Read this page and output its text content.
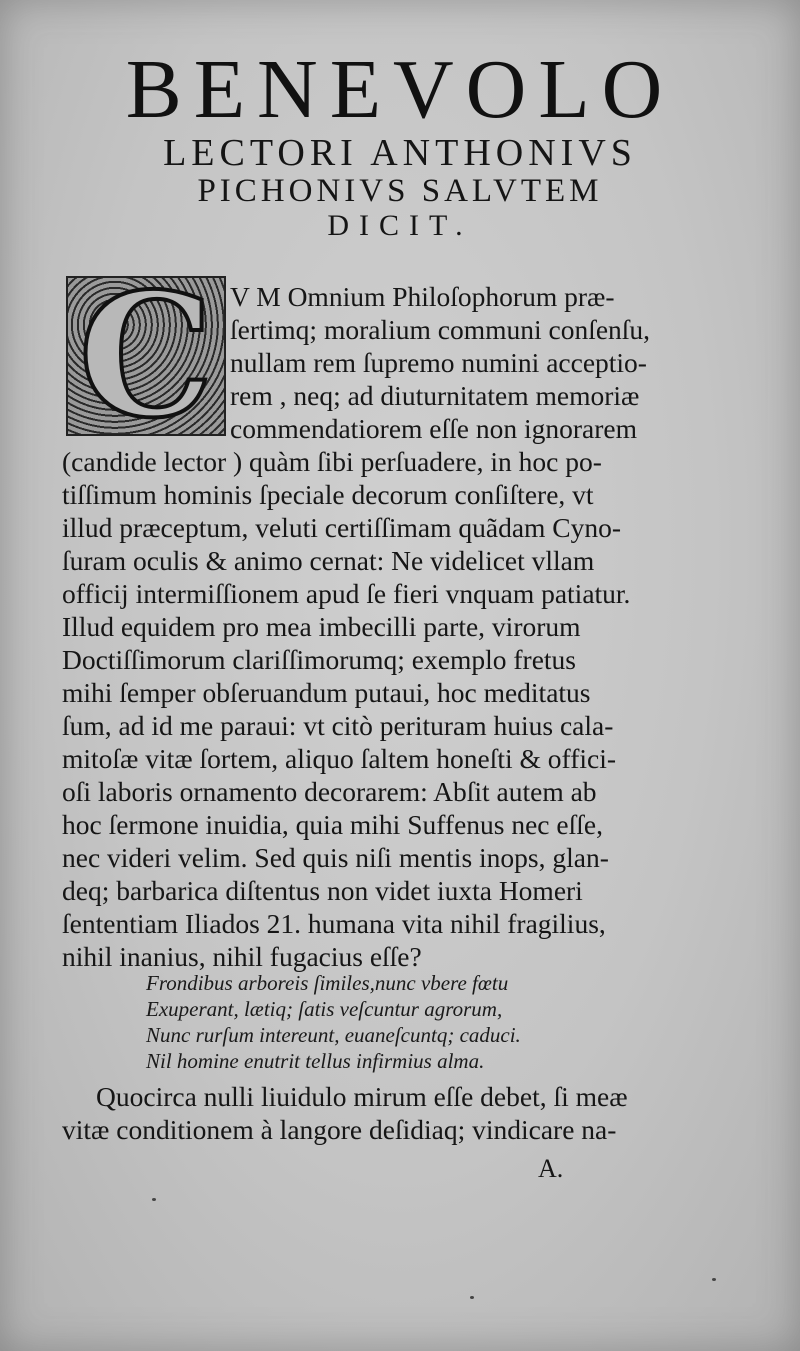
BENEVOLO
LECTORI ANTHONIVS
PICHONIVS SALVTEM
DICIT.
C V M Omnium Philoſophorum præ-
ſertimq; moralium communi conſenſu,
nullam rem ſupremo numini acceptio-
rem , neq; ad diuturnitatem memoriæ
commendatiorem eſſe non ignorarem
(candide lector ) quàm ſibi perſuadere, in hoc po-
tiſſimum hominis ſpeciale decorum conſiſtere, vt
illud præceptum, veluti certiſſimam quãdam Cyno-
ſuram oculis & animo cernat: Ne videlicet vllam
officij intermiſſionem apud ſe fieri vnquam patiatur.
Illud equidem pro mea imbecilli parte, virorum
Doctiſſimorum clariſſimorumq; exemplo fretus
mihi ſemper obſeruandum putaui, hoc meditatus
ſum, ad id me paraui: vt citò perituram huius cala-
mitoſæ vitæ ſortem, aliquo ſaltem honeſti & offici-
oſi laboris ornamento decorarem: Abſit autem ab
hoc ſermone inuidia, quia mihi Suffenus nec eſſe,
nec videri velim. Sed quis niſi mentis inops, glan-
deq; barbarica diſtentus non videt iuxta Homeri
ſententiam Iliados 21. humana vita nihil fragilius,
nihil inanius, nihil fugacius eſſe?
Frondibus arboreis ſimiles,nunc vbere fœtu
Exuperant, lætiq; ſatis veſcuntur agrorum,
Nunc rurſum intereunt, euaneſcuntq; caduci.
Nil homine enutrit tellus infirmius alma.
Quocirca nulli liuidulo mirum eſſe debet, ſi meæ
vitæ conditionem à langore deſidiaq; vindicare na-
A.
